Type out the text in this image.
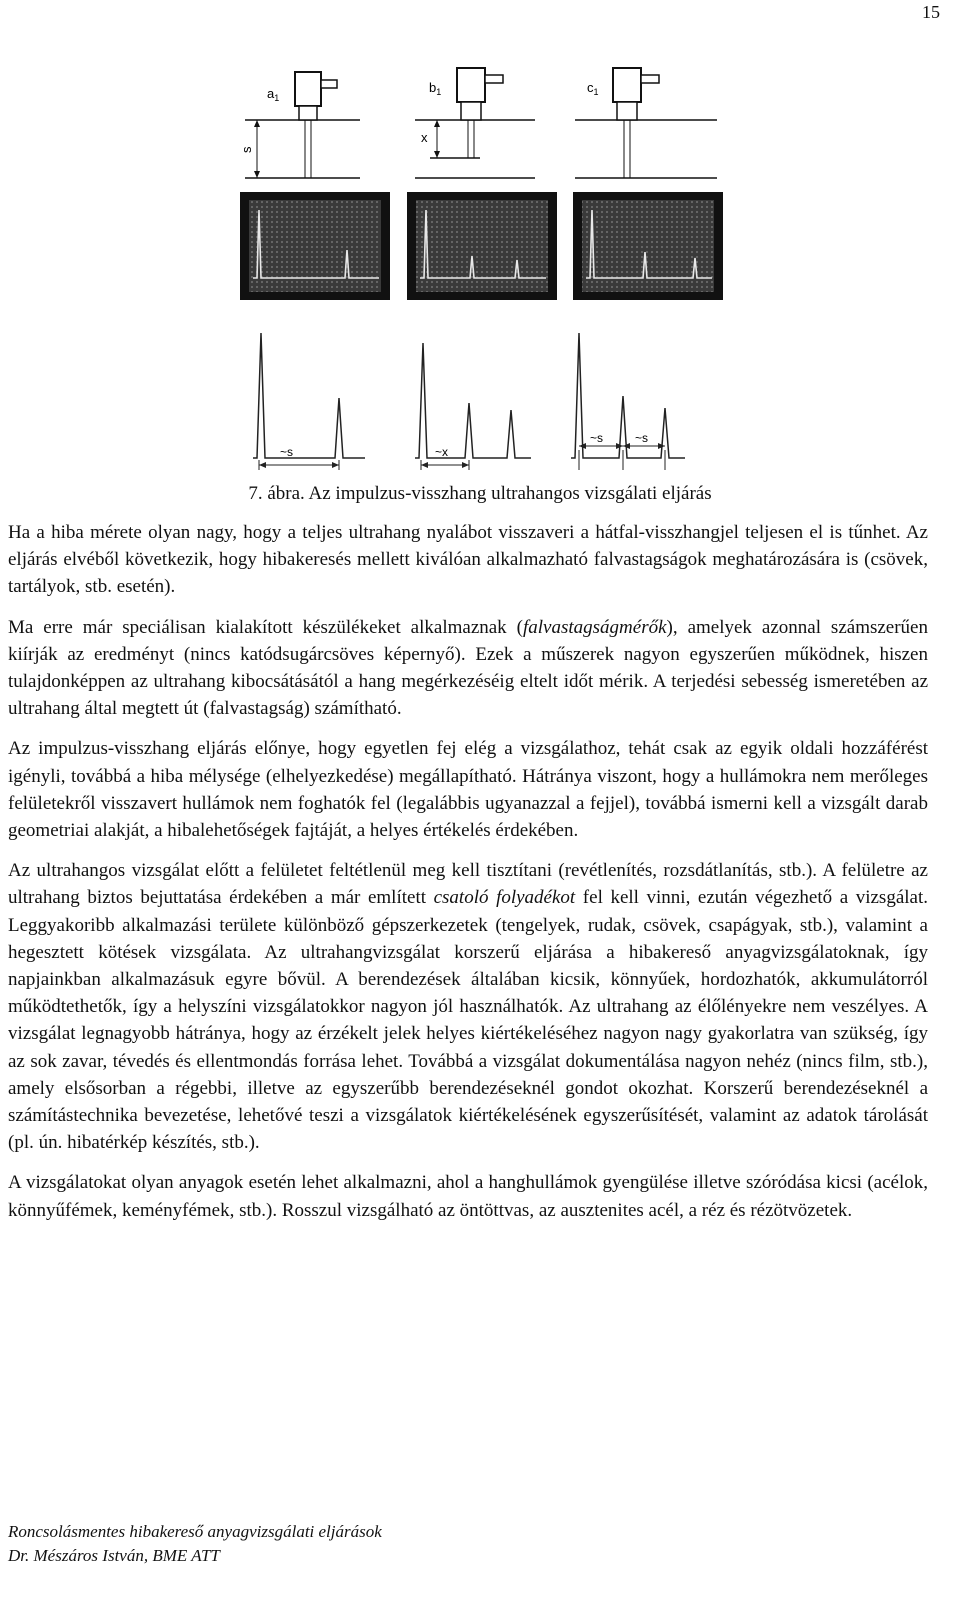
15
$a_1$
s
$b_1$
x
$c_1$
~s	~x
~s	~s
7. ábra. Az impulzus-visszhang ultrahangos vizsgálati eljárás

Ha a hiba mérete olyan nagy, hogy a teljes ultrahang nyalábot visszaveri a hátfal-visszhangjel teljesen el is tűnhet. Az eljárás elvéből következik, hogy hibakeresés mellett kiválóan alkalmazható falvastagságok meghatározására is (csövek, tartályok, stb. esetén).

Ma erre már speciálisan kialakított készülékeket alkalmaznak (falvastagságmérők), amelyek azonnal számszerűen kiírják az eredményt (nincs katódsugárcsöves képernyő). Ezek a műszerek nagyon egyszerűen működnek, hiszen tulajdonképpen az ultrahang kibocsátásától a hang megérkezéséig eltelt időt mérik. A terjedési sebesség ismeretében az ultrahang által megtett út (falvastagság) számítható.

Az impulzus-visszhang eljárás előnye, hogy egyetlen fej elég a vizsgálathoz, tehát csak az egyik oldali hozzáférést igényli, továbbá a hiba mélysége (elhelyezkedése) megállapítható. Hátránya viszont, hogy a hullámokra nem merőleges felületekről visszavert hullámok nem foghatók fel (legalábbis ugyanazzal a fejjel), továbbá ismerni kell a vizsgált darab geometriai alakját, a hibalehetőségek fajtáját, a helyes értékelés érdekében.

Az ultrahangos vizsgálat előtt a felületet feltétlenül meg kell tisztítani (revétlenítés, rozsdátlanítás, stb.). A felületre az ultrahang biztos bejuttatása érdekében a már említett csatoló folyadékot fel kell vinni, ezután végezhető a vizsgálat. Leggyakoribb alkalmazási területe különböző gépszerkezetek (tengelyek, rudak, csövek, csapágyak, stb.), valamint a hegesztett kötések vizsgálata. Az ultrahangvizsgálat korszerű eljárása a hibakereső anyagvizsgálatoknak, így napjainkban alkalmazásuk egyre bővül. A berendezések általában kicsik, könnyűek, hordozhatók, akkumulátorról működtethetők, így a helyszíni vizsgálatokkor nagyon jól használhatók. Az ultrahang az élőlényekre nem veszélyes. A vizsgálat legnagyobb hátránya, hogy az érzékelt jelek helyes kiértékeléséhez nagyon nagy gyakorlatra van szükség, így az sok zavar, tévedés és ellentmondás forrása lehet. Továbbá a vizsgálat dokumentálása nagyon nehéz (nincs film, stb.), amely elsősorban a régebbi, illetve az egyszerűbb berendezéseknél gondot okozhat. Korszerű berendezéseknél a számítástechnika bevezetése, lehetővé teszi a vizsgálatok kiértékelésének egyszerűsítését, valamint az adatok tárolását (pl. ún. hibatérkép készítés, stb.).

A vizsgálatokat olyan anyagok esetén lehet alkalmazni, ahol a hanghullámok gyengülése illetve szóródása kicsi (acélok, könnyűfémek, keményfémek, stb.). Rosszul vizsgálható az öntöttvas, az ausztenites acél, a réz és rézötvözetek.

Roncsolásmentes hibakereső anyagvizsgálati eljárások
Dr. Mészáros István, BME ATT
